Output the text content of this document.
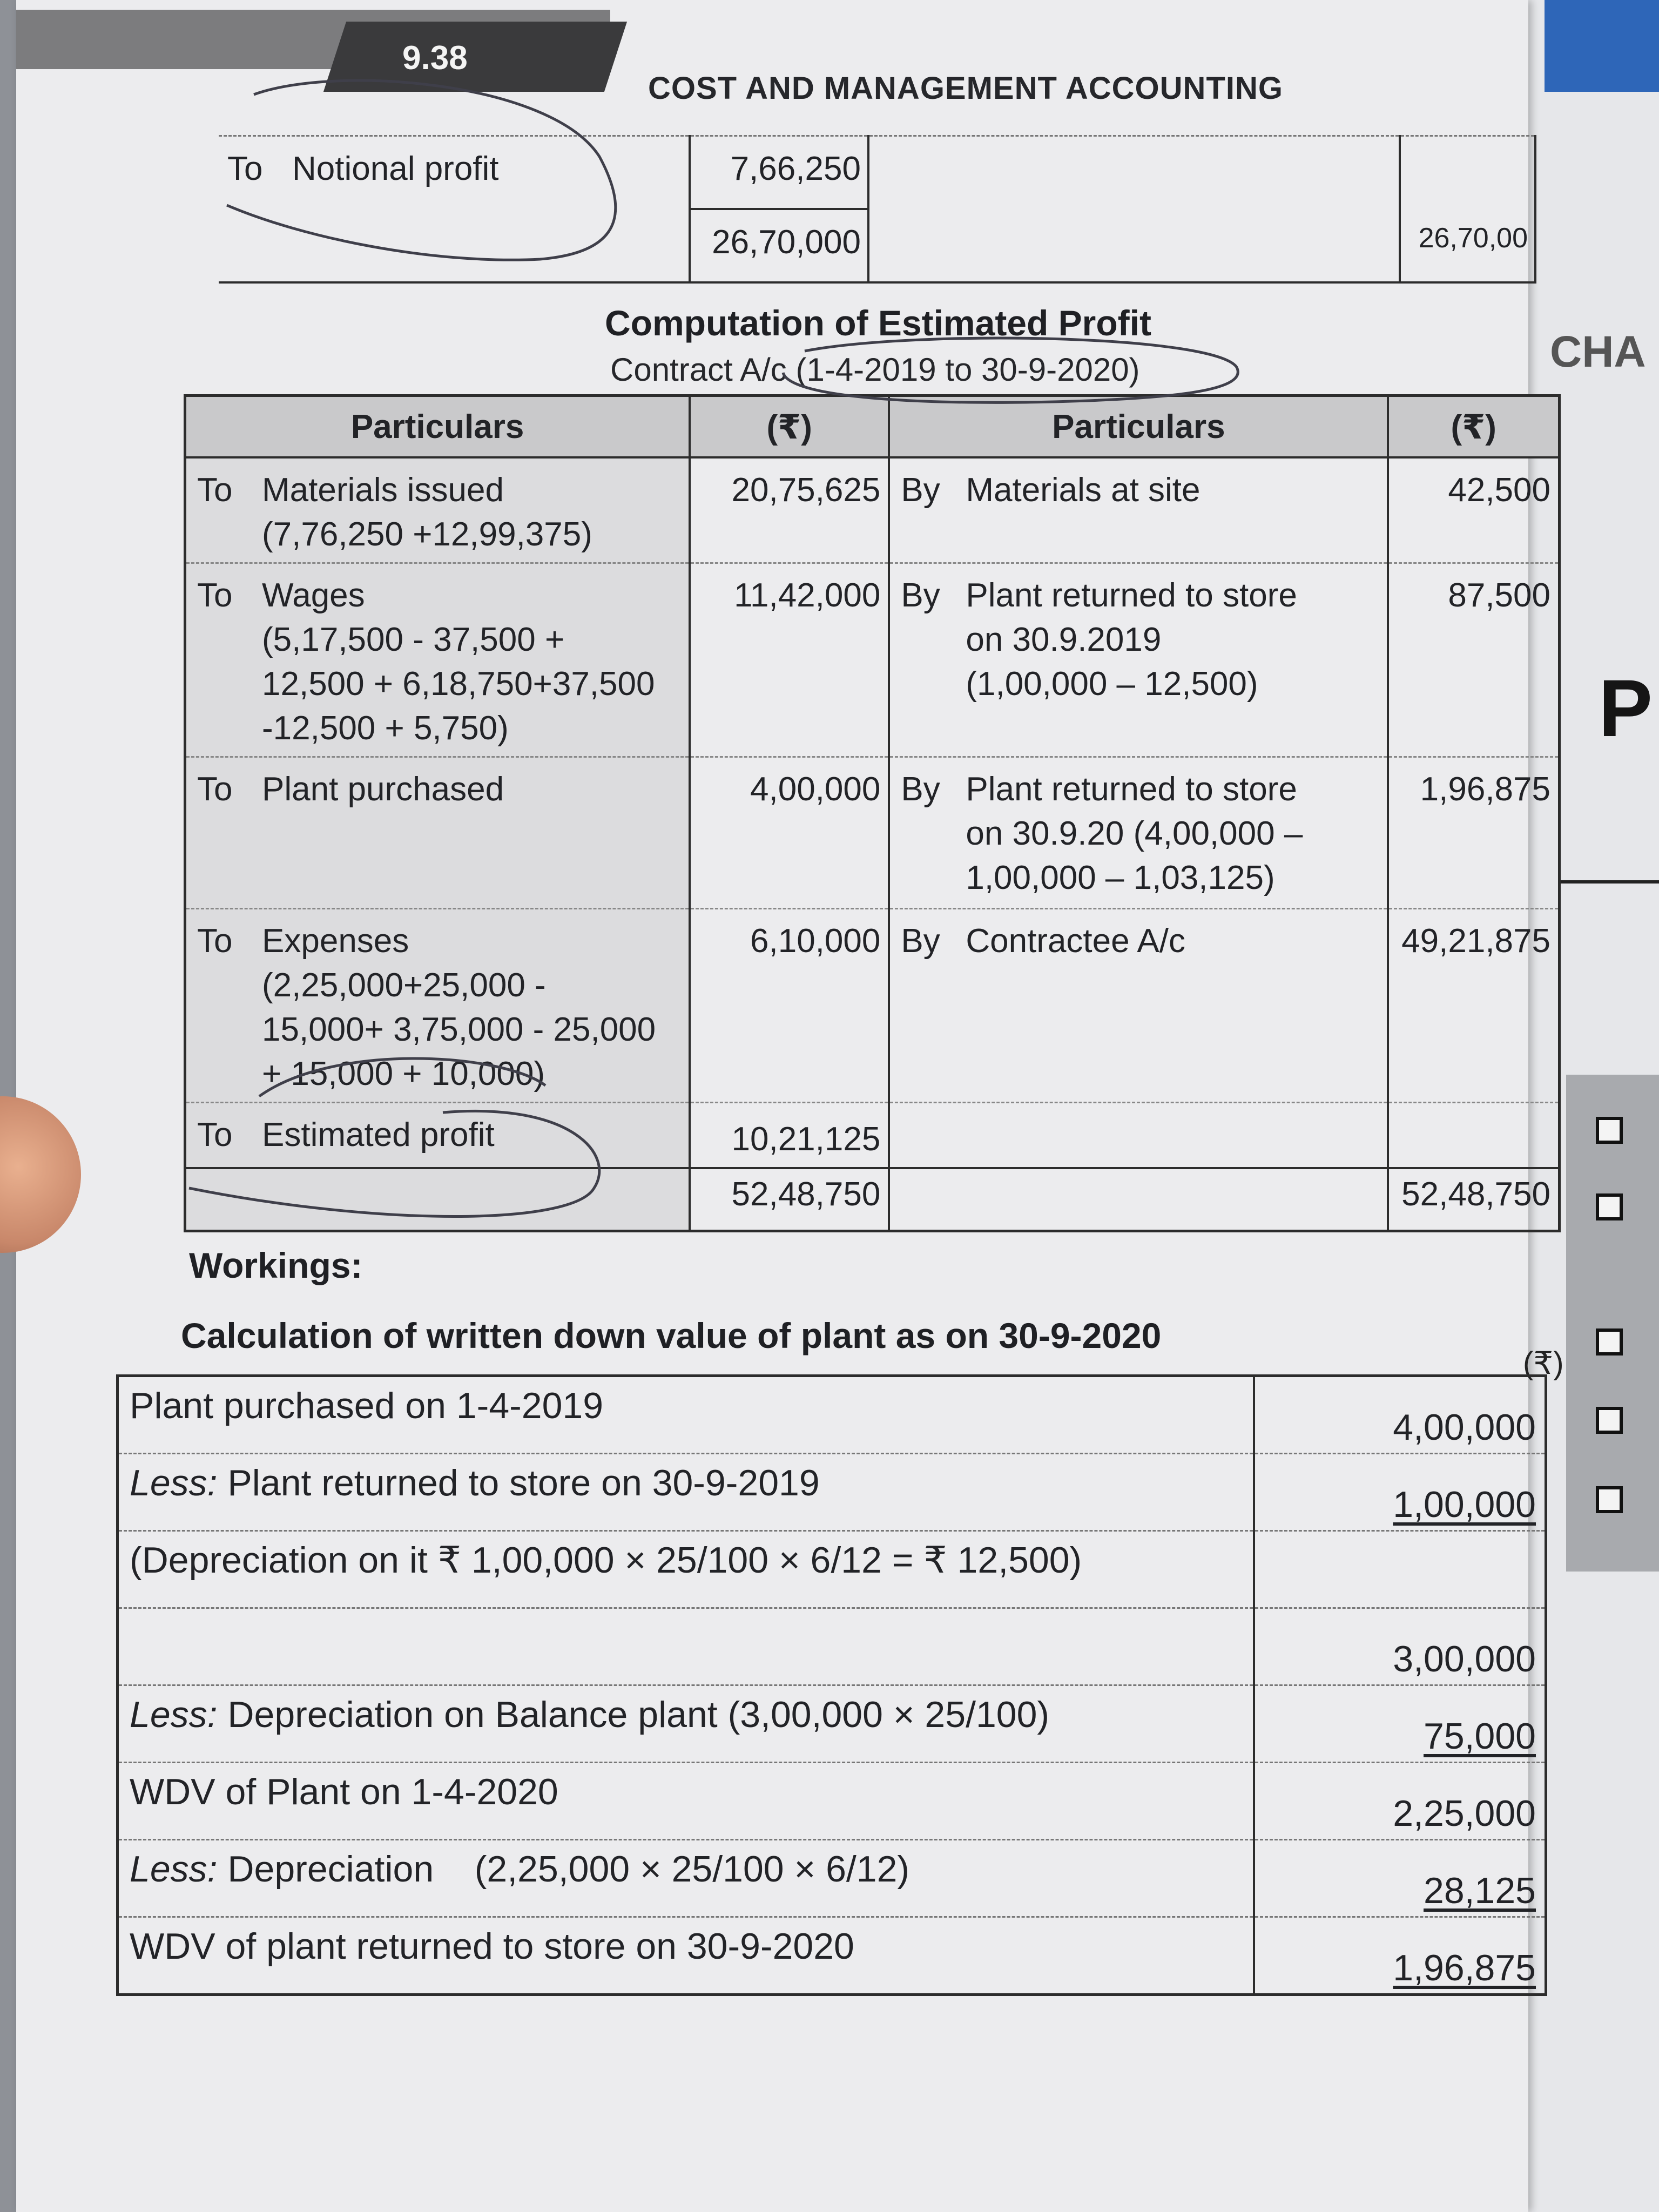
CHA
P
9.38
COST AND MANAGEMENT ACCOUNTING
To Notional profit	7,66,250		
	26,70,000		26,70,00
Computation of Estimated Profit
Contract A/c (1-4-2019 to 30-9-2020)
Particulars	(₹)	Particulars	(₹)
To Materials issued
(7,76,250 +12,99,375)	20,75,625	By Materials at site	42,500
To Wages
(5,17,500 - 37,500 +
12,500 + 6,18,750+37,500
-12,500 + 5,750)	11,42,000	By Plant returned to store
on 30.9.2019
(1,00,000 – 12,500)	87,500
To Plant purchased	4,00,000	By Plant returned to store
on 30.9.20 (4,00,000 –
1,00,000 – 1,03,125)	1,96,875
To Expenses
(2,25,000+25,000 -
15,000+ 3,75,000 - 25,000
+ 15,000 + 10,000)	6,10,000	By Contractee A/c	49,21,875
To Estimated profit	10,21,125		
	52,48,750		52,48,750
Workings:
Calculation of written down value of plant as on 30-9-2020
(₹)
Plant purchased on 1-4-2019	4,00,000
Less: Plant returned to store on 30-9-2019	1,00,000
(Depreciation on it ₹ 1,00,000 × 25/100 × 6/12 = ₹ 12,500)	
	3,00,000
Less: Depreciation on Balance plant (3,00,000 × 25/100)	75,000
WDV of Plant on 1-4-2020	2,25,000
Less: Depreciation    (2,25,000 × 25/100 × 6/12)	28,125
WDV of plant returned to store on 30-9-2020	1,96,875
